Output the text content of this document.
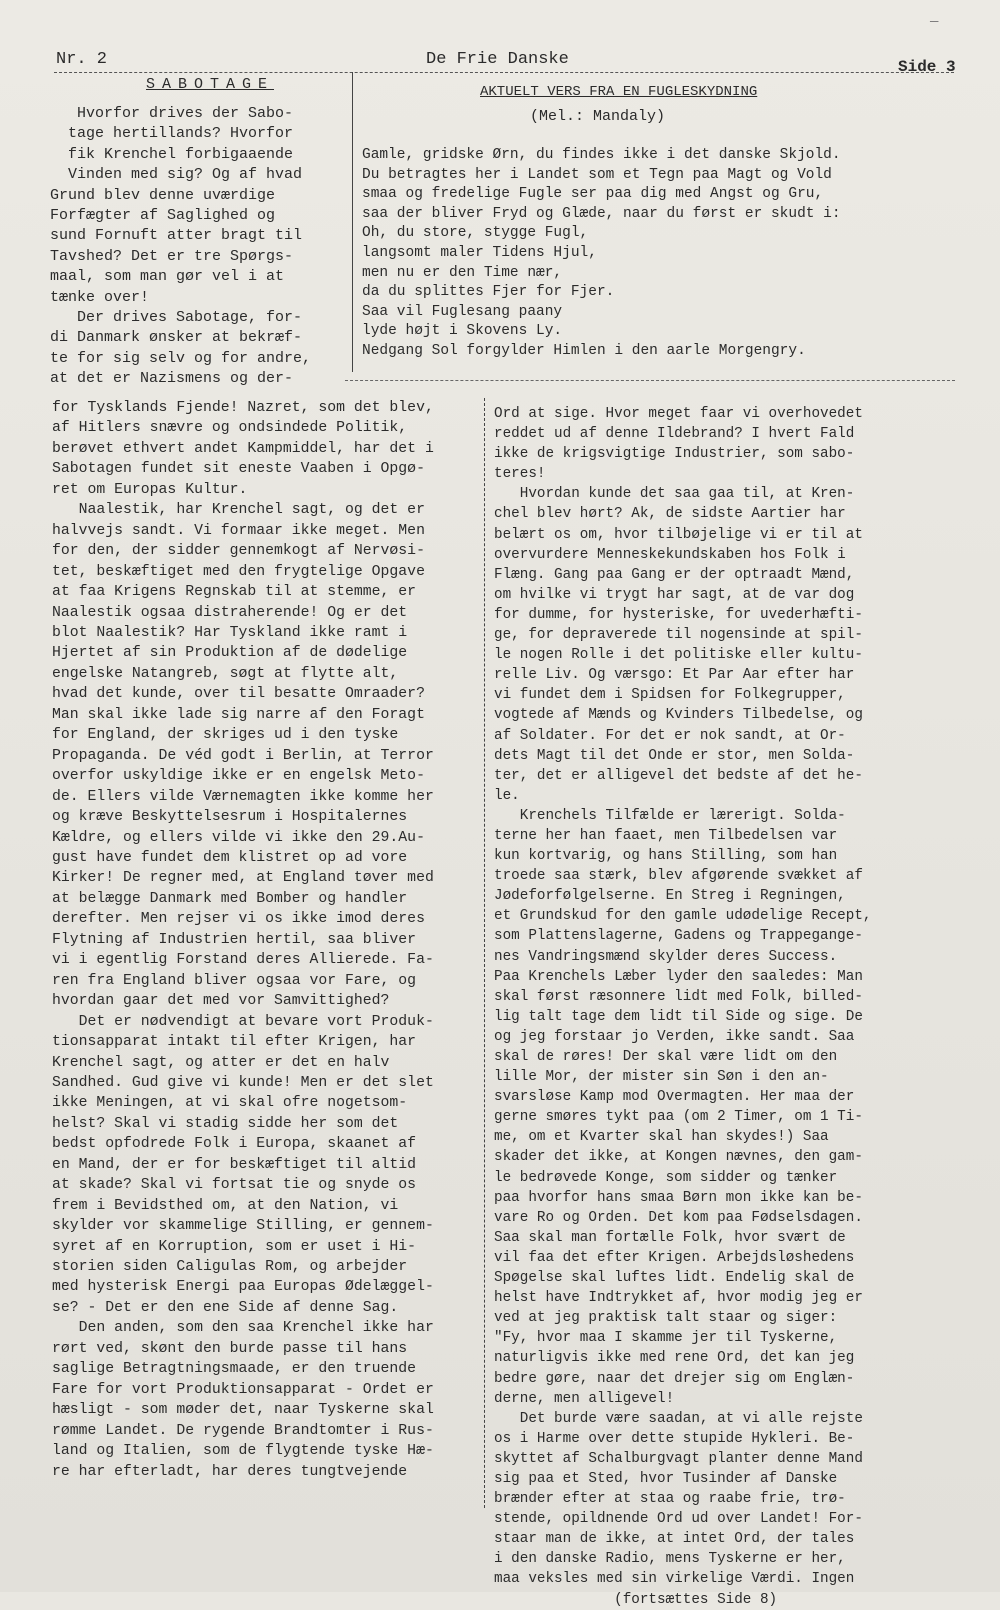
Nr. 2	De Frie Danske	Side 3
SABOTAGE	AKTUELT VERS FRA EN FUGLESKYDNING
(Mel.: Mandaly)
Gamle, gridske Ørn, du findes ikke i det danske Skjold.
Du betragtes her i Landet som et Tegn paa Magt og Vold
smaa og fredelige Fugle ser paa dig med Angst og Gru,
saa der bliver Fryd og Glæde, naar du først er skudt i:
Oh, du store, styggе Fugl,
langsomt maler Tidens Hjul,
men nu er den Time nær,
da du splittes Fjer for Fjer.
Saa vil Fuglesang paany
lyde højt i Skovens Ly.
Nedgang Sol forgylder Himlen i den aarle Morgengry.
Hvorfor drives der Sabo-
tage hertillands? Hvorfor
fik Krenchel forbigaaende
Vinden med sig? Og af hvad
Grund blev denne uværdige
Forfægter af Saglighed og
sund Fornuft atter bragt til
Tavshed? Det er tre Spørgs-
maal, som man gør vel i at
tænke over!
Der drives Sabotage, for-
di Danmark ønsker at bekræf-
te for sig selv og for andre,
at det er Nazismens og der-
for Tysklands Fjende! Nazret, som det blev,
af Hitlers snævre og ondsindede Politik,
berøvet ethvert andet Kampmiddel, har det i
Sabotagen fundet sit eneste Vaaben i Opgø-
ret om Europas Kultur.
Naalestik, har Krenchel sagt, og det er
halvvejs sandt. Vi formaar ikke meget. Men
for den, der sidder gennemkogt af Nervøsi-
tet, beskæftiget med den frygtelige Opgave
at faa Krigens Regnskab til at stemme, er
Naalestik ogsaa distraherende! Og er det
blot Naalestik? Har Tyskland ikke ramt i
Hjertet af sin Produktion af de dødelige
engelske Natangreb, søgt at flytte alt,
hvad det kunde, over til besatte Omraader?
Man skal ikke lade sig narre af den Foragt
for England, der skriges ud i den tyske
Propaganda. De véd godt i Berlin, at Terror
overfor uskyldige ikke er en engelsk Meto-
de. Ellers vilde Værnemagten ikke komme her
og kræve Beskyttelsesrum i Hospitalernes
Kældre, og ellers vilde vi ikke den 29.Au-
gust have fundet dem klistret op ad vore
Kirker! De regner med, at England tøver med
at belægge Danmark med Bomber og handler
derefter. Men rejser vi os ikke imod deres
Flytning af Industrien hertil, saa bliver
vi i egentlig Forstand deres Allierede. Fa-
ren fra England bliver ogsaa vor Fare, og
hvordan gaar det med vor Samvittighed?
Det er nødvendigt at bevare vort Produk-
tionsapparat intakt til efter Krigen, har
Krenchel sagt, og atter er det en halv
Sandhed. Gud give vi kunde! Men er det slet
ikke Meningen, at vi skal ofre nogetsom-
helst? Skal vi stadig sidde her som det
bedst opfodrede Folk i Europa, skaanet af
en Mand, der er for beskæftiget til altid
at skade? Skal vi fortsat tie og snyde os
frem i Bevidsthed om, at den Nation, vi
skylder vor skammelige Stilling, er gennem-
syret af en Korruption, som er uset i Hi-
storien siden Caligulas Rom, og arbejder
med hysterisk Energi paa Europas Ødelæggel-
se? - Det er den ene Side af denne Sag.
Den anden, som den saa Krenchel ikke har
rørt ved, skønt den burde passe til hans
saglige Betragtningsmaade, er den truende
Fare for vort Produktionsapparat - Ordet er
hæsligt - som møder det, naar Tyskerne skal
rømme Landet. De rygende Brandtomter i Rus-
land og Italien, som de flygtende tyske Hæ-
re har efterladt, har deres tungtvejende
Ord at sige. Hvor meget faar vi overhovedet
reddet ud af denne Ildebrand? I hvert Fald
ikke de krigsvigtige Industrier, som sabo-
teres!
Hvordan kunde det saa gaa til, at Kren-
chel blev hørt? Ak, de sidste Aartier har
belært os om, hvor tilbøjelige vi er til at
overvurdere Menneskekundskaben hos Folk i
Flæng. Gang paa Gang er der optraadt Mænd,
om hvilke vi trygt har sagt, at de var dog
for dumme, for hysteriske, for uvederhæfti-
ge, for depraverede til nogensinde at spil-
le nogen Rolle i det politiske eller kultu-
relle Liv. Og værsgo: Et Par Aar efter har
vi fundet dem i Spidsen for Folkegrupper,
vogtede af Mænds og Kvinders Tilbedelse, og
af Soldater. For det er nok sandt, at Or-
dets Magt til det Onde er stor, men Solda-
ter, det er alligevel det bedste af det he-
le.
Krenchels Tilfælde er lærerigt. Solda-
terne her han faaet, men Tilbedelsen var
kun kortvarig, og hans Stilling, som han
troede saa stærk, blev afgørende svækket af
Jødeforfølgelserne. En Streg i Regningen,
et Grundskud for den gamle udødelige Recept,
som Plattenslagerne, Gadens og Trappegange-
nes Vandringsmænd skylder deres Success.
Paa Krenchels Læber lyder den saaledes: Man
skal først ræsonnere lidt med Folk, billed-
lig talt tage dem lidt til Side og sige. De
og jeg forstaar jo Verden, ikke sandt. Saa
skal de røres! Der skal være lidt om den
lille Mor, der mister sin Søn i den an-
svarsløse Kamp mod Overmagten. Her maa der
gerne smøres tykt paa (om 2 Timer, om 1 Ti-
me, om et Kvarter skal han skydes!) Saa
skader det ikke, at Kongen nævnes, den gam-
le bedrøvede Konge, som sidder og tænker
paa hvorfor hans smaa Børn mon ikke kan be-
vare Ro og Orden. Det kom paa Fødselsdagen.
Saa skal man fortælle Folk, hvor svært de
vil faa det efter Krigen. Arbejdsløshedens
Spøgelse skal luftes lidt. Endelig skal de
helst have Indtrykket af, hvor modig jeg er
ved at jeg praktisk talt staar og siger:
"Fy, hvor maa I skamme jer til Tyskerne,
naturligvis ikke med rene Ord, det kan jeg
bedre gøre, naar det drejer sig om Englæn-
derne, men alligevel!
Det burde være saadan, at vi alle rejste
os i Harme over dette stupide Hykleri. Be-
skyttet af Schalburgvagt planter denne Mand
sig paa et Sted, hvor Tusinder af Danske
brænder efter at staa og raabe frie, trø-
stende, opildnende Ord ud over Landet! For-
staar man de ikke, at intet Ord, der tales
i den danske Radio, mens Tyskerne er her,
maa veksles med sin virkelige Værdi. Ingen
(fortsættes Side 8)
—
